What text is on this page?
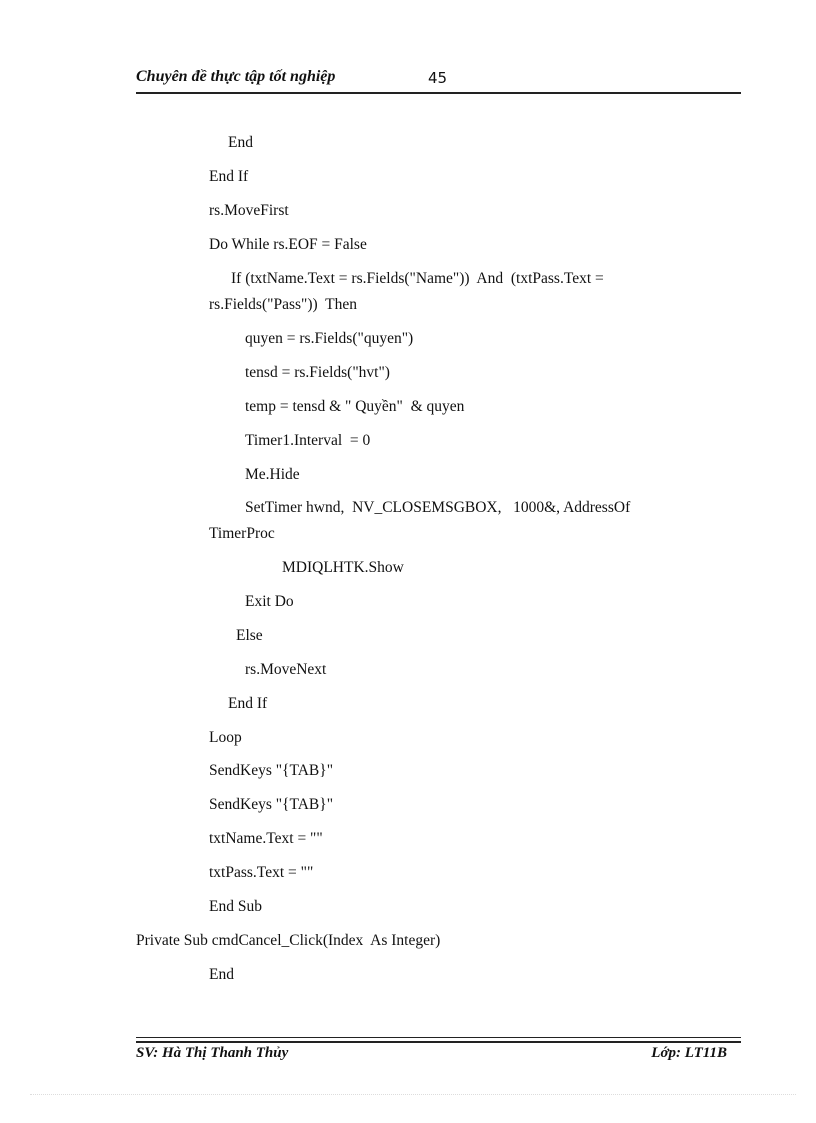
Chuyên đề thực tập tốt nghiệp	45
End
End If
rs.MoveFirst
Do While rs.EOF = False
If (txtName.Text = rs.Fields("Name"))  And  (txtPass.Text =
rs.Fields("Pass"))  Then
quyen = rs.Fields("quyen")
tensd = rs.Fields("hvt")
temp = tensd & " Quyền"  & quyen
Timer1.Interval  = 0
Me.Hide
SetTimer hwnd,  NV_CLOSEMSGBOX,   1000&, AddressOf
TimerProc
MDIQLHTK.Show
Exit Do
Else
rs.MoveNext
End If
Loop
SendKeys "{TAB}"
SendKeys "{TAB}"
txtName.Text = ""
txtPass.Text = ""
End Sub
Private Sub cmdCancel_Click(Index  As Integer)
End
SV: Hà Thị Thanh Thủy	Lớp: LT11B
